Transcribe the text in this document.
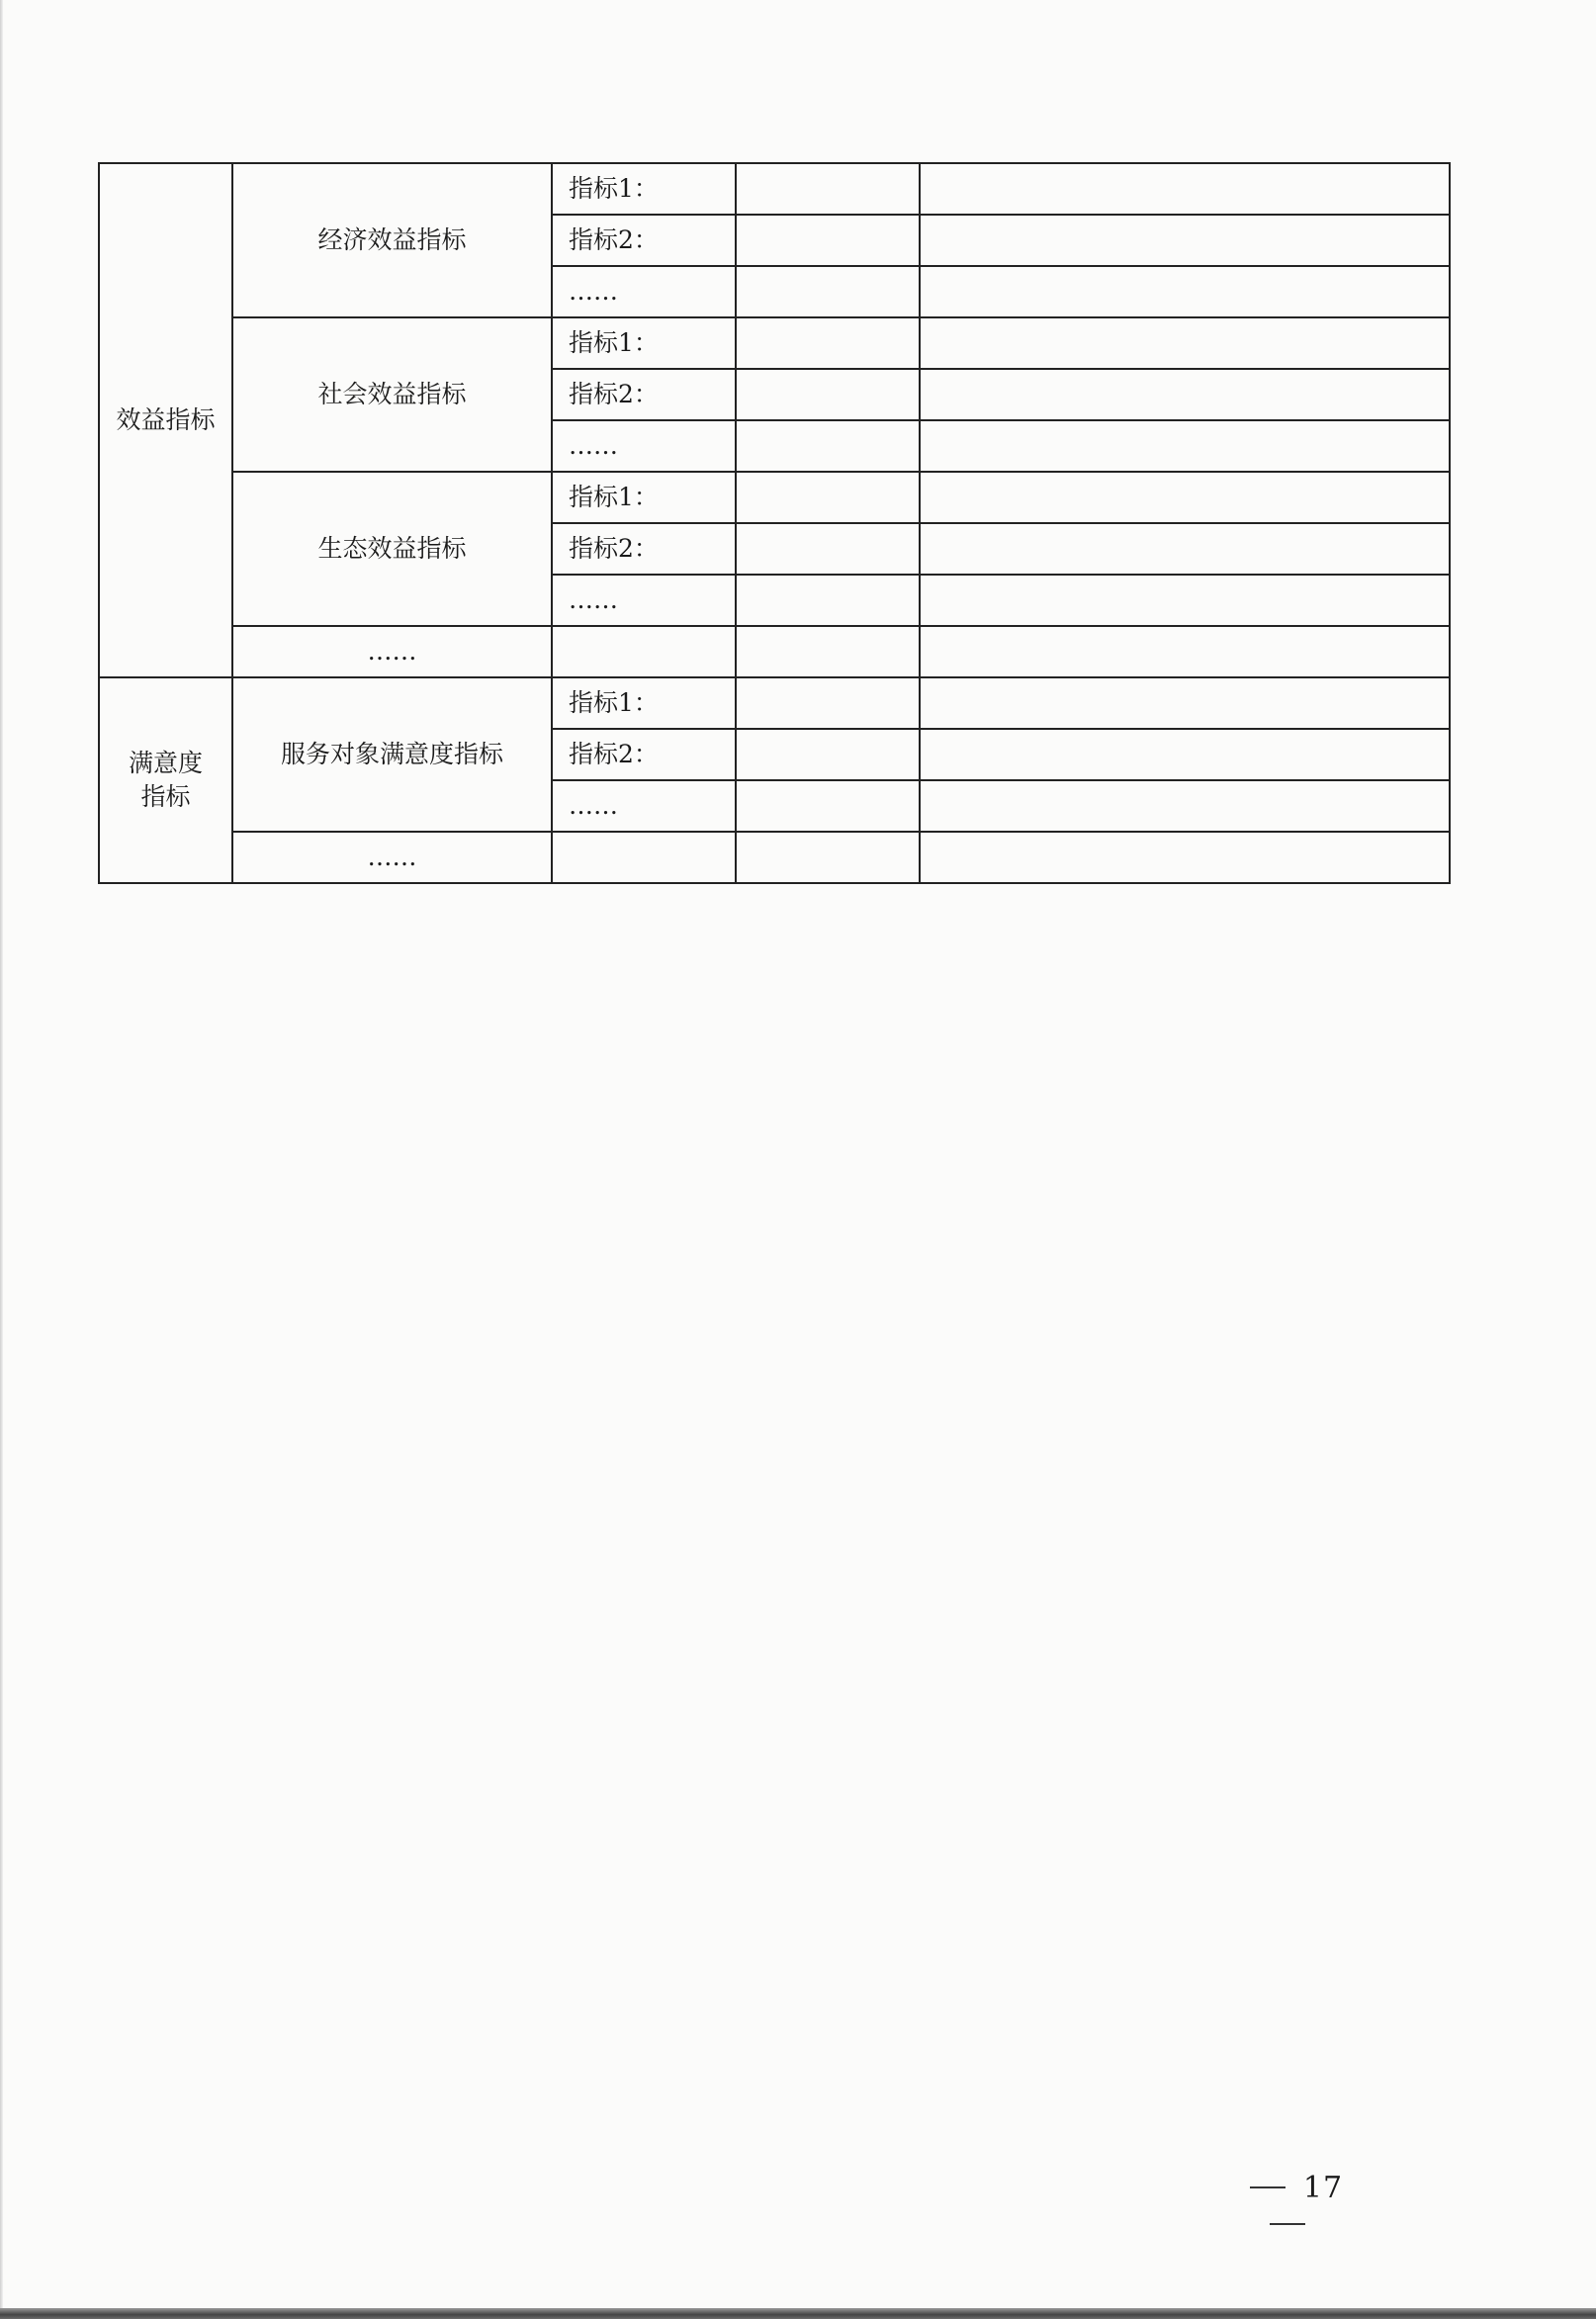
效益指标	经济效益指标	指标1：		
		指标2：		
		……		
	社会效益指标	指标1：		
		指标2：		
		……		
	生态效益指标	指标1：		
		指标2：		
		……		
	……			
满意度指标	服务对象满意度指标	指标1：		
		指标2：		
		……		
	……			
17
